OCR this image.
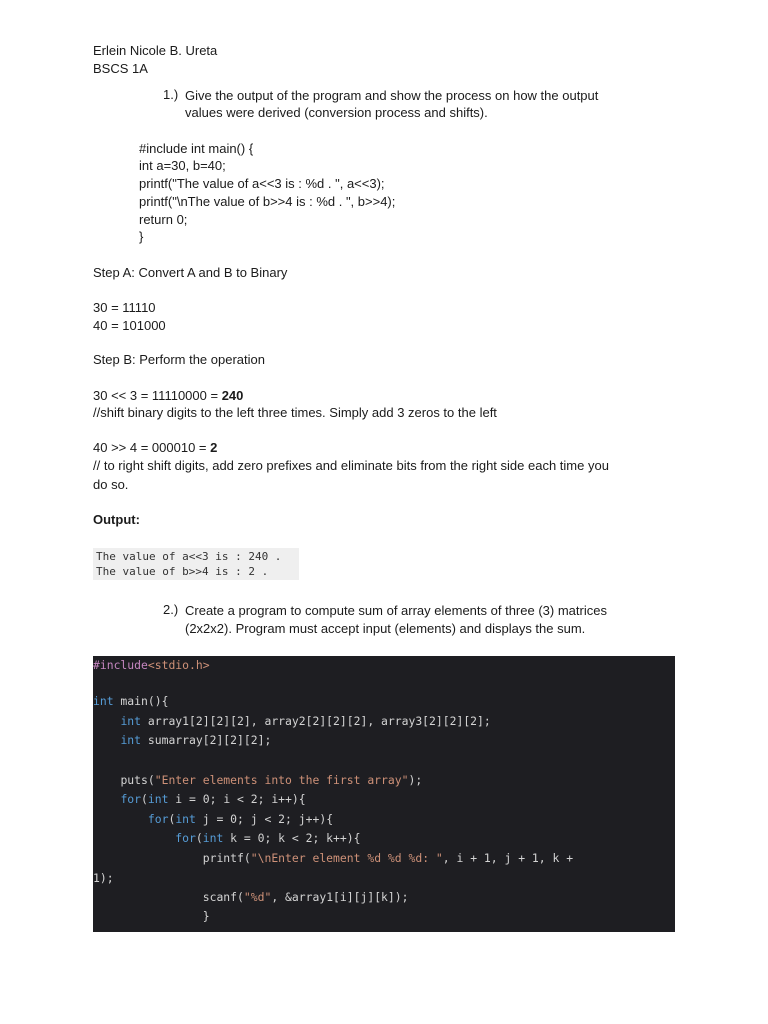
Erlein Nicole B. Ureta
BSCS 1A
1.) Give the output of the program and show the process on how the output
values were derived (conversion process and shifts).
#include int main() {
int a=30, b=40;
printf("The value of a<<3 is : %d . ", a<<3);
printf("\nThe value of b>>4 is : %d . ", b>>4);
return 0;
}
Step A: Convert A and B to Binary
30 = 11110
40 = 101000
Step B: Perform the operation
30 << 3 = 11110000 = 240
//shift binary digits to the left three times. Simply add 3 zeros to the left
40 >> 4 = 000010 = 2
// to right shift digits, add zero prefixes and eliminate bits from the right side each time you
do so.
Output:
The value of a<<3 is : 240 .
The value of b>>4 is : 2 .
2.) Create a program to compute sum of array elements of three (3) matrices
(2x2x2). Program must accept input (elements) and displays the sum.
#include<stdio.h>
int main(){
int array1[2][2][2], array2[2][2][2], array3[2][2][2];
int sumarray[2][2][2];
puts("Enter elements into the first array");
for(int i = 0; i < 2; i++){
for(int j = 0; j < 2; j++){
for(int k = 0; k < 2; k++){
printf("\nEnter element %d %d %d: ", i + 1, j + 1, k +
1);
scanf("%d", &array1[i][j][k]);
}
